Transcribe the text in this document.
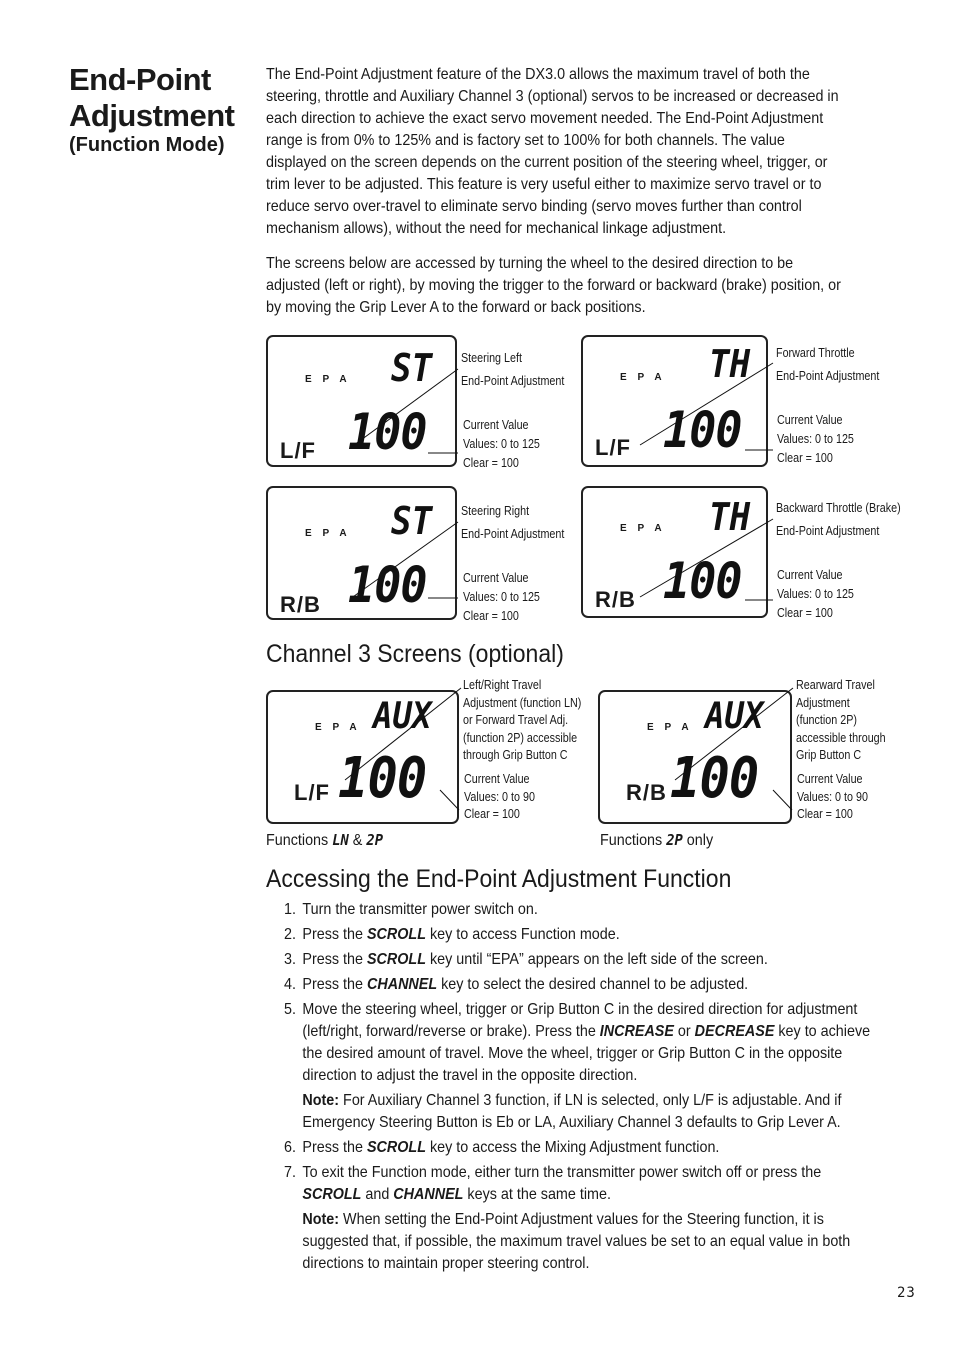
End-Point
Adjustment
(Function Mode)

The End-Point Adjustment feature of the DX3.0 allows the maximum travel of both the steering, throttle and Auxiliary Channel 3 (optional) servos to be increased or decreased in each direction to achieve the exact servo movement needed. The End-Point Adjustment range is from 0% to 125% and is factory set to 100% for both channels. The value displayed on the screen depends on the current position of the steering wheel, trigger, or trim lever to be adjusted. This feature is very useful either to maximize servo travel or to reduce servo over-travel to eliminate servo binding (servo moves further than control mechanism allows), without the need for mechanical linkage adjustment.

The screens below are accessed by turning the wheel to the desired direction to be adjusted (left or right), by moving the trigger to the forward or backward (brake) position, or by moving the Grip Lever A to the forward or back positions.

E P A ST
100
L/F
Steering Left
End-Point Adjustment
Current Value
Values: 0 to 125
Clear = 100
E P A TH
100
L/F
Forward Throttle
End-Point Adjustment
Current Value
Values: 0 to 125
Clear = 100
E P A ST
100
R/B
Steering Right
End-Point Adjustment
Current Value
Values: 0 to 125
Clear = 100
E P A TH
100
R/B
Backward Throttle (Brake)
End-Point Adjustment
Current Value
Values: 0 to 125
Clear = 100
Channel 3 Screens (optional)
E P A AUX
100
L/F
Left/Right Travel
Adjustment (function LN)
or Forward Travel Adj.
(function 2P) accessible
through Grip Button C
Current Value
Values: 0 to 90
Clear = 100
E P A AUX
100
R/B
Rearward Travel
Adjustment
(function 2P)
accessible through
Grip Button C
Current Value
Values: 0 to 90
Clear = 100
Functions LN & 2P	Functions 2P only
Accessing the End-Point Adjustment Function
1. Turn the transmitter power switch on.
2. Press the SCROLL key to access Function mode.
3. Press the SCROLL key until “EPA” appears on the left side of the screen.
4. Press the CHANNEL key to select the desired channel to be adjusted.
5. Move the steering wheel, trigger or Grip Button C in the desired direction for adjustment (left/right, forward/reverse or brake). Press the INCREASE or DECREASE key to achieve the desired amount of travel. Move the wheel, trigger or Grip Button C in the opposite direction to adjust the travel in the opposite direction.
Note: For Auxiliary Channel 3 function, if LN is selected, only L/F is adjustable. And if Emergency Steering Button is Eb or LA, Auxiliary Channel 3 defaults to Grip Lever A.
6. Press the SCROLL key to access the Mixing Adjustment function.
7. To exit the Function mode, either turn the transmitter power switch off or press the SCROLL and CHANNEL keys at the same time.
Note: When setting the End-Point Adjustment values for the Steering function, it is suggested that, if possible, the maximum travel values be set to an equal value in both directions to maintain proper steering control.
23
